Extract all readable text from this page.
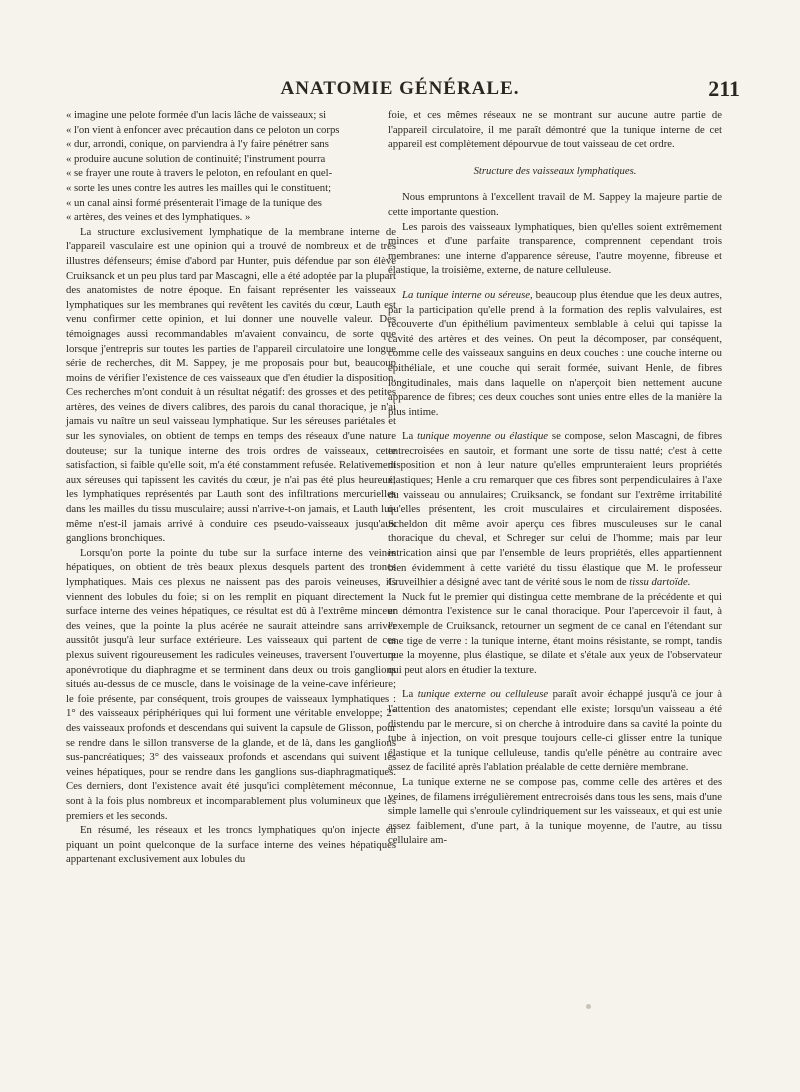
ANATOMIE GÉNÉRALE.	211
« imagine une pelote formée d'un lacis lâche de vaisseaux; si
« l'on vient à enfoncer avec précaution dans ce peloton un corps
« dur, arrondi, conique, on parviendra à l'y faire pénétrer sans
« produire aucune solution de continuité; l'instrument pourra
« se frayer une route à travers le peloton, en refoulant en quel-
« sorte les unes contre les autres les mailles qui le constituent;
« un canal ainsi formé présenterait l'image de la tunique des
« artères, des veines et des lymphatiques. »

La structure exclusivement lymphatique de la membrane interne de l'appareil vasculaire est une opinion qui a trouvé de nombreux et de très illustres défenseurs; émise d'abord par Hunter, puis défendue par son élève Cruiksanck et un peu plus tard par Mascagni, elle a été adoptée par la plupart des anatomistes de notre époque. En faisant représenter les vaisseaux lymphatiques sur les membranes qui revêtent les cavités du cœur, Lauth est venu confirmer cette opinion, et lui donner une nouvelle valeur. Des témoignages aussi recommandables m'avaient convaincu, de sorte que lorsque j'entrepris sur toutes les parties de l'appareil circulatoire une longue série de recherches, dit M. Sappey, je me proposais pour but, beaucoup moins de vérifier l'existence de ces vaisseaux que d'en étudier la disposition. Ces recherches m'ont conduit à un résultat négatif: des grosses et des petites artères, des veines de divers calibres, des parois du canal thoracique, je n'ai jamais vu naître un seul vaisseau lymphatique. Sur les séreuses pariétales et sur les synoviales, on obtient de temps en temps des réseaux d'une nature douteuse; sur la tunique interne des trois ordres de vaisseaux, cette satisfaction, si faible qu'elle soit, m'a été constamment refusée. Relativement aux séreuses qui tapissent les cavités du cœur, je n'ai pas été plus heureux; les lymphatiques représentés par Lauth sont des infiltrations mercurielles dans les mailles du tissu musculaire; aussi n'arrive-t-on jamais, et Lauth lui-même n'est-il jamais arrivé à conduire ces pseudo-vaisseaux jusqu'aux ganglions bronchiques.

Lorsqu'on porte la pointe du tube sur la surface interne des veines hépatiques, on obtient de très beaux plexus desquels partent des troncs lymphatiques. Mais ces plexus ne naissent pas des parois veineuses, ils viennent des lobules du foie; si on les remplit en piquant directement la surface interne des veines hépatiques, ce résultat est dû à l'extrême minceur des veines, que la pointe la plus acérée ne saurait atteindre sans arriver aussitôt jusqu'à leur surface extérieure. Les vaisseaux qui partent de ces plexus suivent rigoureusement les radicules veineuses, traversent l'ouverture aponévrotique du diaphragme et se terminent dans deux ou trois ganglions situés au-dessus de ce muscle, dans le voisinage de la veine-cave inférieure; le foie présente, par conséquent, trois groupes de vaisseaux lymphatiques : 1° des vaisseaux périphériques qui lui forment une véritable enveloppe; 2° des vaisseaux profonds et descendans qui suivent la capsule de Glisson, pour se rendre dans le sillon transverse de la glande, et de là, dans les ganglions sus-pancréatiques; 3° des vaisseaux profonds et ascendans qui suivent les veines hépatiques, pour se rendre dans les ganglions sus-diaphragmatiques. Ces derniers, dont l'existence avait été jusqu'ici complètement méconnue, sont à la fois plus nombreux et incomparablement plus volumineux que les premiers et les seconds.

En résumé, les réseaux et les troncs lymphatiques qu'on injecte en piquant un point quelconque de la surface interne des veines hépatiques appartenant exclusivement aux lobules du

foie, et ces mêmes réseaux ne se montrant sur aucune autre partie de l'appareil circulatoire, il me paraît démontré que la tunique interne de cet appareil est complètement dépourvue de tout vaisseau de cet ordre.

Structure des vaisseaux lymphatiques.

Nous empruntons à l'excellent travail de M. Sappey la majeure partie de cette importante question.

Les parois des vaisseaux lymphatiques, bien qu'elles soient extrêmement minces et d'une parfaite transparence, comprennent cependant trois membranes: une interne d'apparence séreuse, l'autre moyenne, fibreuse et élastique, la troisième, externe, de nature celluleuse.

La tunique interne ou séreuse, beaucoup plus étendue que les deux autres, par la participation qu'elle prend à la formation des replis valvulaires, est recouverte d'un épithélium pavimenteux semblable à celui qui tapisse la cavité des artères et des veines. On peut la décomposer, par conséquent, comme celle des vaisseaux sanguins en deux couches : une couche interne ou épithéliale, et une couche qui serait formée, suivant Henle, de fibres longitudinales, mais dans laquelle on n'aperçoit bien nettement aucune apparence de fibres; ces deux couches sont unies entre elles de la manière la plus intime.

La tunique moyenne ou élastique se compose, selon Mascagni, de fibres entrecroisées en sautoir, et formant une sorte de tissu natté; c'est à cette disposition et non à leur nature qu'elles emprunteraient leurs propriétés élastiques; Henle a cru remarquer que ces fibres sont perpendiculaires à l'axe du vaisseau ou annulaires; Cruiksanck, se fondant sur l'extrême irritabilité qu'elles présentent, les croit musculaires et circulairement disposées. Scheldon dit même avoir aperçu ces fibres musculeuses sur le canal thoracique du cheval, et Schreger sur celui de l'homme; mais par leur intrication ainsi que par l'ensemble de leurs propriétés, elles appartiennent bien évidemment à cette variété du tissu élastique que M. le professeur Cruveilhier a désigné avec tant de vérité sous le nom de tissu dartoïde.

Nuck fut le premier qui distingua cette membrane de la précédente et qui en démontra l'existence sur le canal thoracique. Pour l'apercevoir il faut, à l'exemple de Cruiksanck, retourner un segment de ce canal en l'étendant sur une tige de verre : la tunique interne, étant moins résistante, se rompt, tandis que la moyenne, plus élastique, se dilate et s'étale aux yeux de l'observateur qui peut alors en étudier la texture.

La tunique externe ou celluleuse paraît avoir échappé jusqu'à ce jour à l'attention des anatomistes; cependant elle existe; lorsqu'un vaisseau a été distendu par le mercure, si on cherche à introduire dans sa cavité la pointe du tube à injection, on voit presque toujours celle-ci glisser entre la tunique élastique et la tunique celluleuse, tandis qu'elle pénètre au contraire avec assez de facilité après l'ablation préalable de cette dernière membrane.

La tunique externe ne se compose pas, comme celle des artères et des veines, de filamens irrégulièrement entrecroisés dans tous les sens, mais d'une simple lamelle qui s'enroule cylindriquement sur les vaisseaux, et qui est unie assez faiblement, d'une part, à la tunique moyenne, de l'autre, au tissu cellulaire am-
